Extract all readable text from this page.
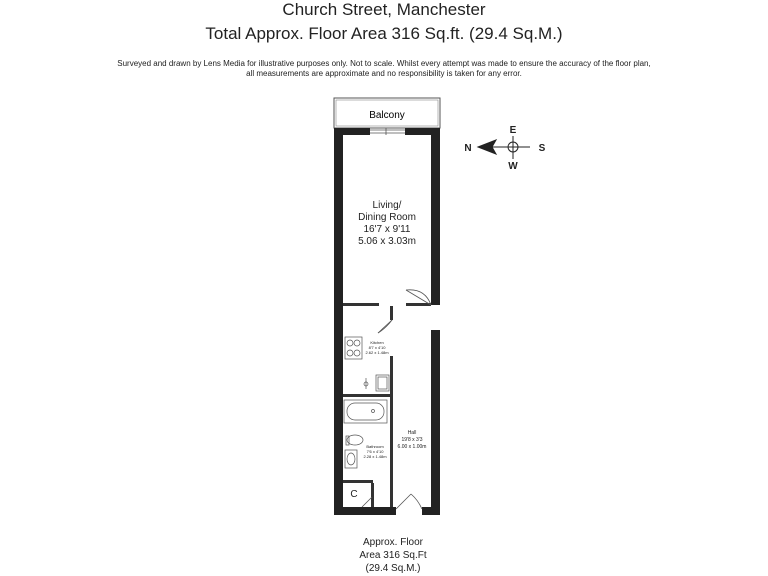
Church Street, Manchester
Total Approx. Floor Area 316 Sq.ft. (29.4 Sq.M.)
Surveyed and drawn by Lens Media for illustrative purposes only. Not to scale. Whilst every attempt was made to ensure the accuracy of the floor plan,
all measurements are approximate and no responsibility is taken for any error.
Balcony
Living/
Dining Room
16'7 x 9'11
5.06 x 3.03m
Kitchen
8'7 x 4'10
2.62 x 1.48m
Bathroom
7'6 x 4'10
2.28 x 1.48m
Hall
19'8 x 3'3
6.00 x 1.00m
C
N
E
S
W
Approx. Floor
Area 316 Sq.Ft
(29.4 Sq.M.)
